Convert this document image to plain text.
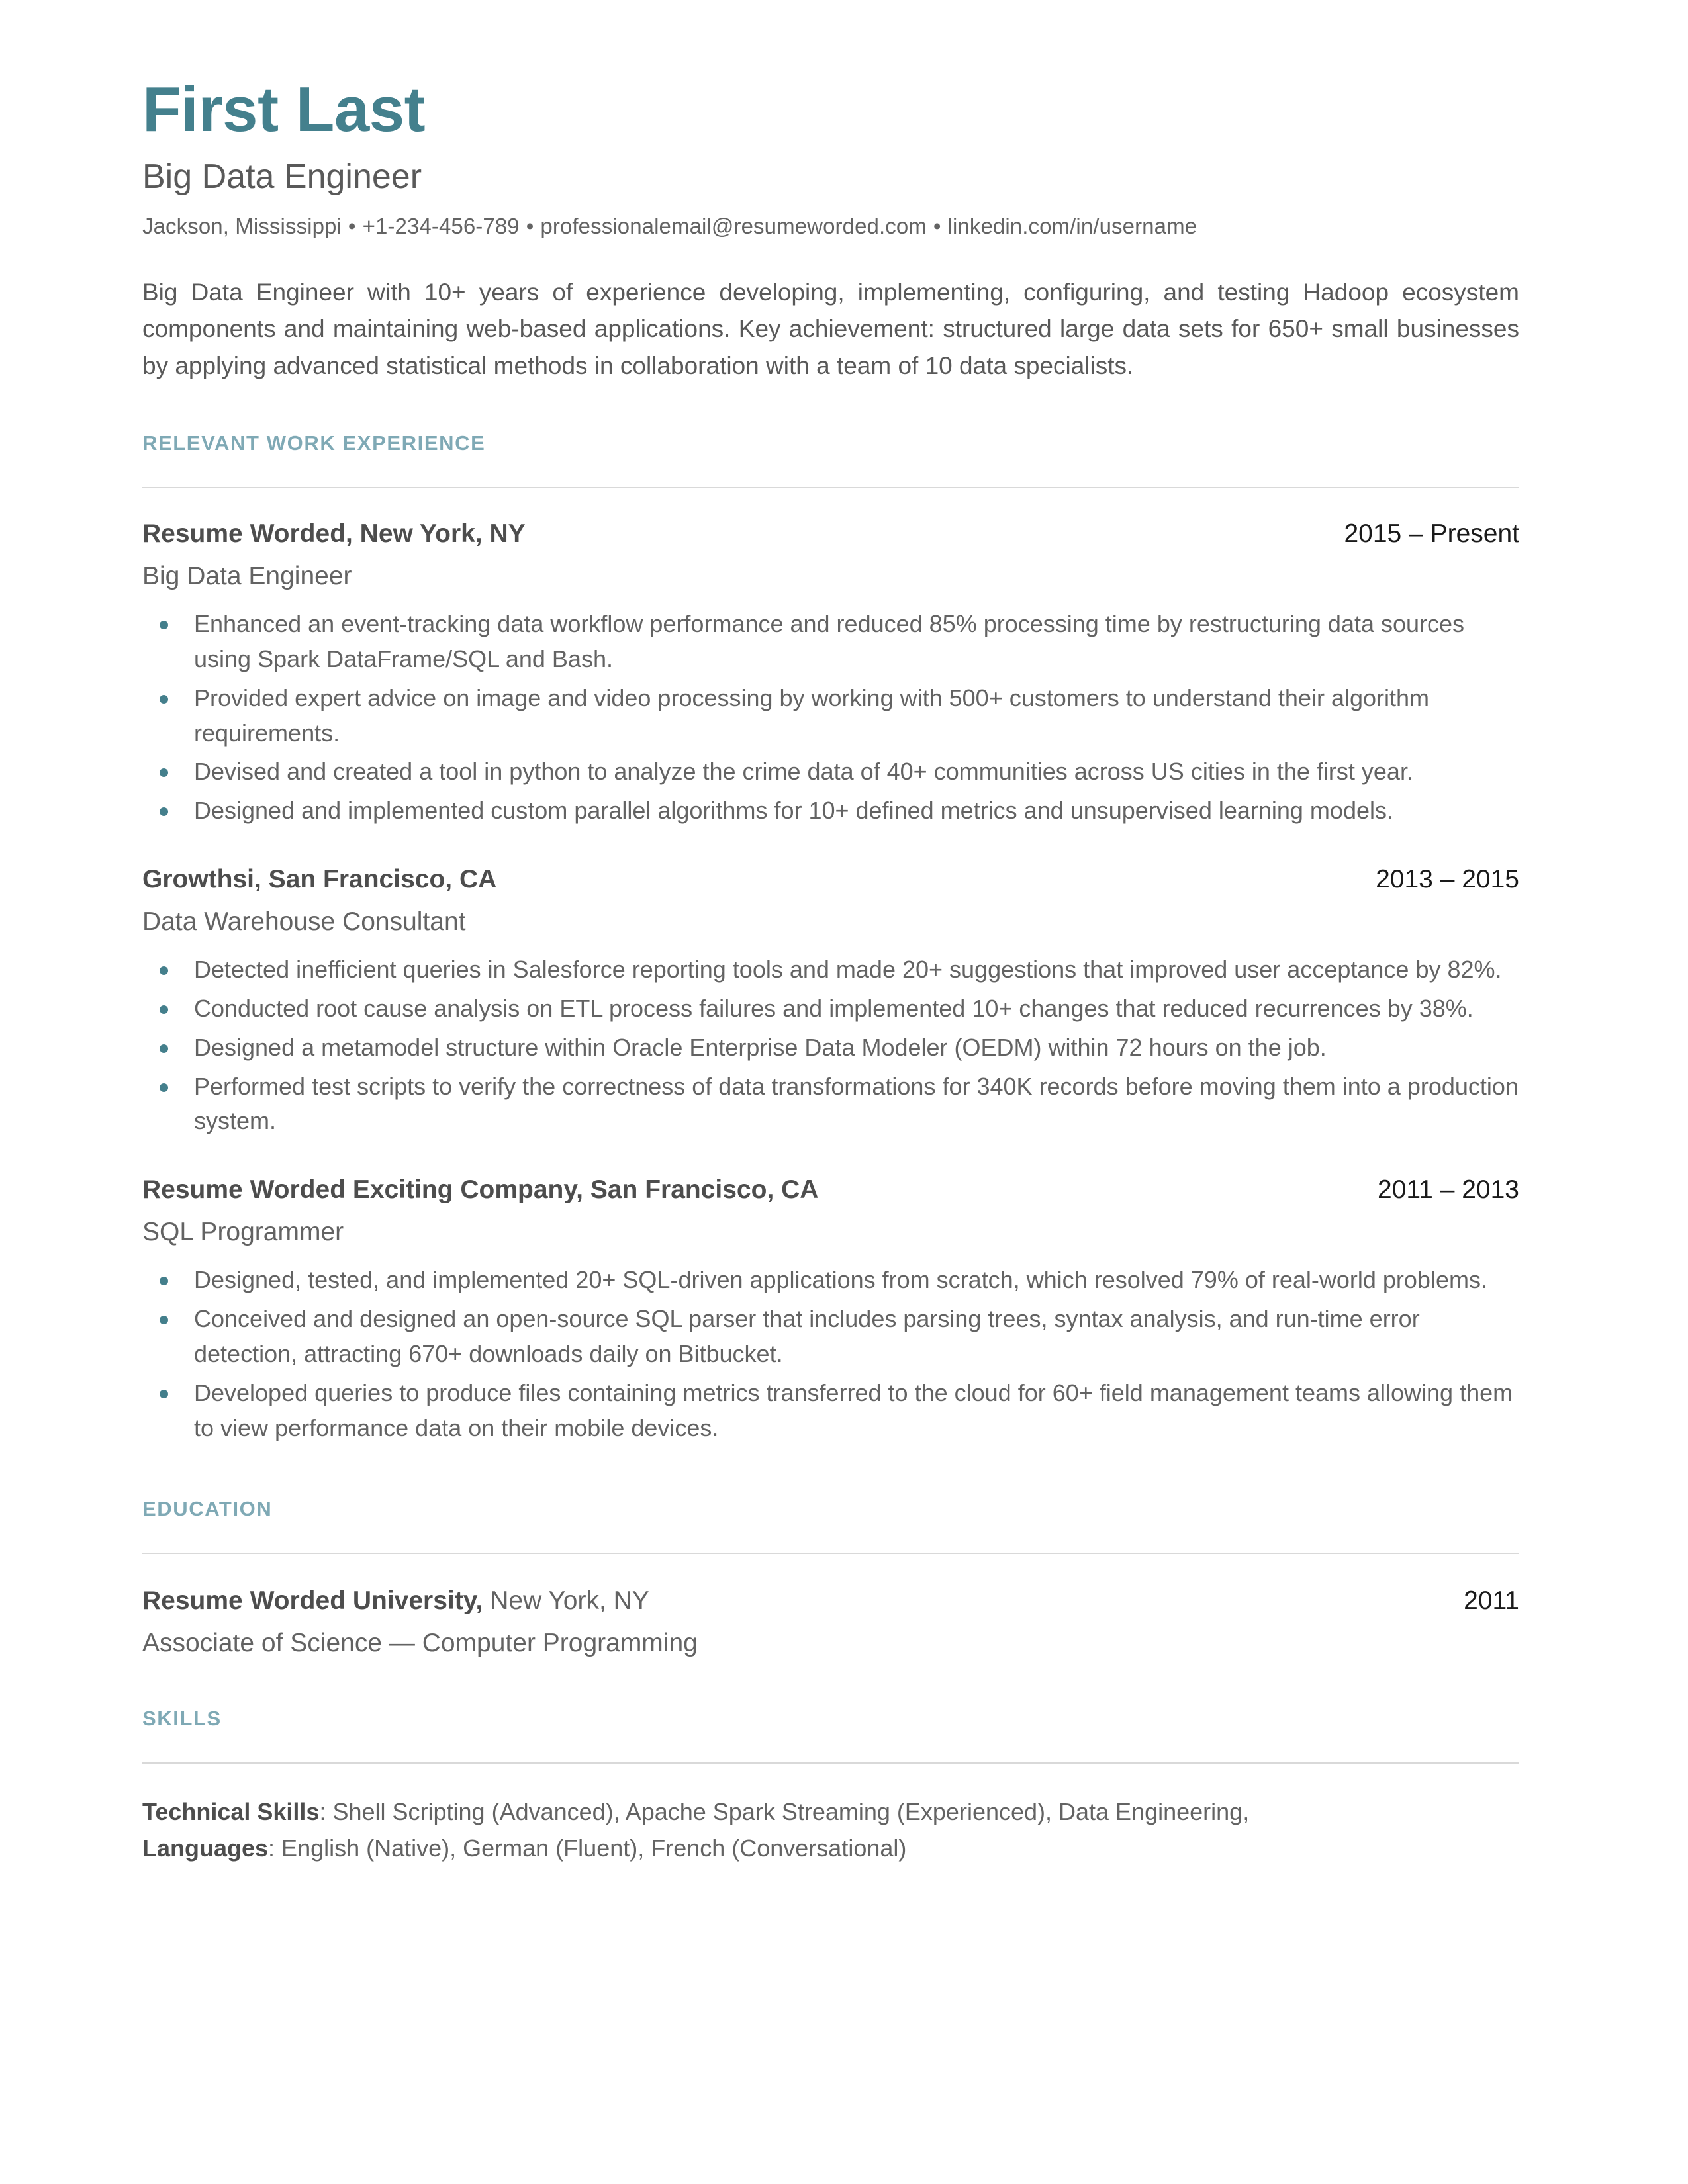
First Last
Big Data Engineer
Jackson, Mississippi • +1-234-456-789 • professionalemail@resumeworded.com • linkedin.com/in/username

Big Data Engineer with 10+ years of experience developing, implementing, configuring, and testing Hadoop ecosystem components and maintaining web-based applications. Key achievement: structured large data sets for 650+ small businesses by applying advanced statistical methods in collaboration with a team of 10 data specialists.

RELEVANT WORK EXPERIENCE
Resume Worded, New York, NY	2015 – Present
Big Data Engineer
Enhanced an event-tracking data workflow performance and reduced 85% processing time by restructuring data sources using Spark DataFrame/SQL and Bash.
Provided expert advice on image and video processing by working with 500+ customers to understand their algorithm requirements.
Devised and created a tool in python to analyze the crime data of 40+ communities across US cities in the first year.
Designed and implemented custom parallel algorithms for 10+ defined metrics and unsupervised learning models.
Growthsi, San Francisco, CA	2013 – 2015
Data Warehouse Consultant
Detected inefficient queries in Salesforce reporting tools and made 20+ suggestions that improved user acceptance by 82%.
Conducted root cause analysis on ETL process failures and implemented 10+ changes that reduced recurrences by 38%.
Designed a metamodel structure within Oracle Enterprise Data Modeler (OEDM) within 72 hours on the job.
Performed test scripts to verify the correctness of data transformations for 340K records before moving them into a production system.
Resume Worded Exciting Company, San Francisco, CA	2011 – 2013
SQL Programmer
Designed, tested, and implemented 20+ SQL-driven applications from scratch, which resolved 79% of real-world problems.
Conceived and designed an open-source SQL parser that includes parsing trees, syntax analysis, and run-time error detection, attracting 670+ downloads daily on Bitbucket.
Developed queries to produce files containing metrics transferred to the cloud for 60+ field management teams allowing them to view performance data on their mobile devices.
EDUCATION
Resume Worded University, New York, NY	2011
Associate of Science — Computer Programming
SKILLS

Technical Skills: Shell Scripting (Advanced), Apache Spark Streaming (Experienced), Data Engineering,

Languages: English (Native), German (Fluent), French (Conversational)
